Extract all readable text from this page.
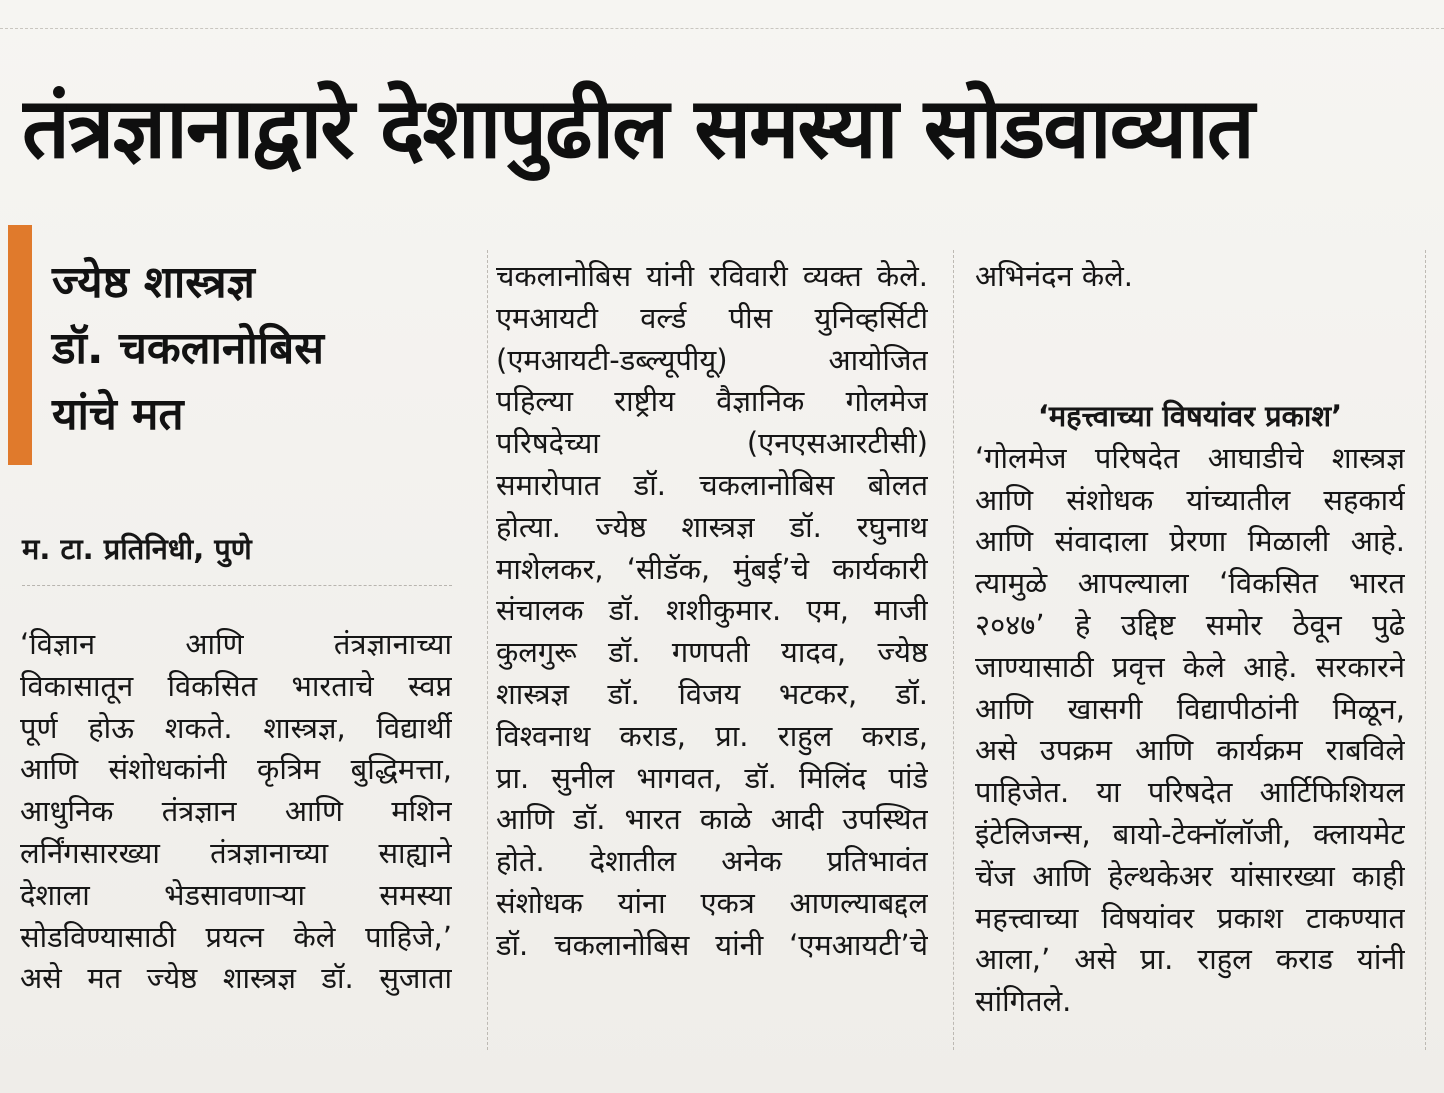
तंत्रज्ञानाद्वारे देशापुढील समस्या सोडवाव्यात
ज्येष्ठ शास्त्रज्ञ
डॉ. चकलानोबिस
यांचे मत
म. टा. प्रतिनिधी, पुणे
‘विज्ञान आणि तंत्रज्ञानाच्या
विकासातून विकसित भारताचे स्वप्न
पूर्ण होऊ शकते. शास्त्रज्ञ, विद्यार्थी
आणि संशोधकांनी कृत्रिम बुद्धिमत्ता,
आधुनिक तंत्रज्ञान आणि मशिन
लर्निंगसारख्या तंत्रज्ञानाच्या साह्याने
देशाला भेडसावणाऱ्या समस्या
सोडविण्यासाठी प्रयत्न केले पाहिजे,’
असे मत ज्येष्ठ शास्त्रज्ञ डॉ. सुजाता
चकलानोबिस यांनी रविवारी व्यक्त केले.
एमआयटी वर्ल्ड पीस युनिव्हर्सिटी
(एमआयटी-डब्ल्यूपीयू) आयोजित
पहिल्या राष्ट्रीय वैज्ञानिक गोलमेज
परिषदेच्या (एनएसआरटीसी)
समारोपात डॉ. चकलानोबिस बोलत
होत्या. ज्येष्ठ शास्त्रज्ञ डॉ. रघुनाथ
माशेलकर, ‘सीडॅक, मुंबई’चे कार्यकारी
संचालक डॉ. शशीकुमार. एम, माजी
कुलगुरू डॉ. गणपती यादव, ज्येष्ठ
शास्त्रज्ञ डॉ. विजय भटकर, डॉ.
विश्वनाथ कराड, प्रा. राहुल कराड,
प्रा. सुनील भागवत, डॉ. मिलिंद पांडे
आणि डॉ. भारत काळे आदी उपस्थित
होते. देशातील अनेक प्रतिभावंत
संशोधक यांना एकत्र आणल्याबद्दल
डॉ. चकलानोबिस यांनी ‘एमआयटी’चे
अभिनंदन केले.
‘महत्त्वाच्या विषयांवर प्रकाश’
‘गोलमेज परिषदेत आघाडीचे शास्त्रज्ञ
आणि संशोधक यांच्यातील सहकार्य
आणि संवादाला प्रेरणा मिळाली आहे.
त्यामुळे आपल्याला ‘विकसित भारत
२०४७’ हे उद्दिष्ट समोर ठेवून पुढे
जाण्यासाठी प्रवृत्त केले आहे. सरकारने
आणि खासगी विद्यापीठांनी मिळून,
असे उपक्रम आणि कार्यक्रम राबविले
पाहिजेत. या परिषदेत आर्टिफिशियल
इंटेलिजन्स, बायो-टेक्नॉलॉजी, क्लायमेट
चेंज आणि हेल्थकेअर यांसारख्या काही
महत्त्वाच्या विषयांवर प्रकाश टाकण्यात
आला,’ असे प्रा. राहुल कराड यांनी
सांगितले.
